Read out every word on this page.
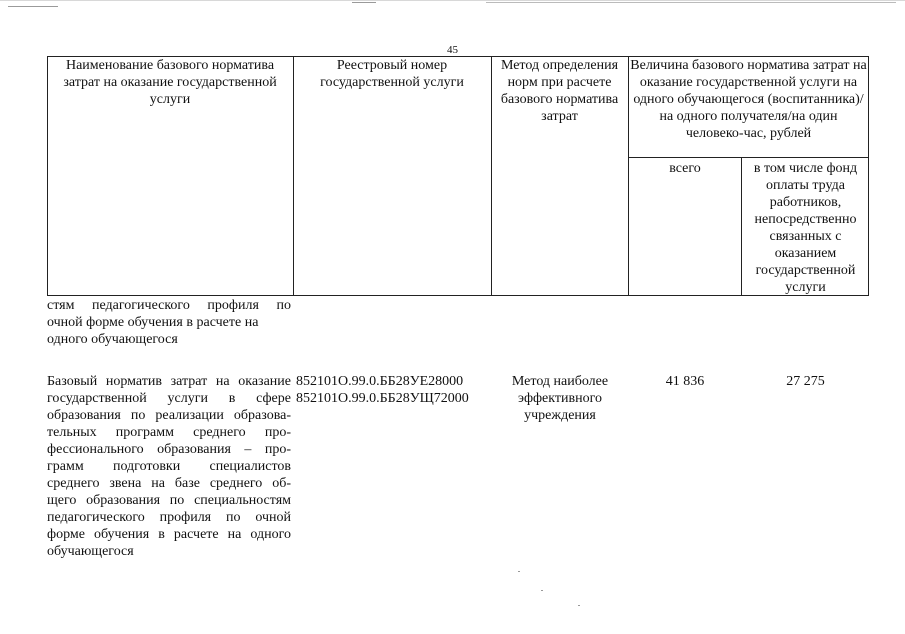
45
Наименование базового норматива затрат на оказание государственной услуги
Реестровый номер государственной услуги
Метод определения норм при расчете базового норматива затрат
Величина базового норматива затрат на оказание государственной услуги на одного обучающегося (воспитанника)/на одного получателя/на один человеко-час, рублей
всего	в том числе фонд оплаты труда работников, непосредственно связанных с оказанием государственной услуги
стям педагогического профиля по
очной форме обучения в расчете на
одного обучающегося
Базовый норматив затрат на оказание
государственной услуги в сфере
образования по реализации образова-
тельных программ среднего про-
фессионального образования – про-
грамм подготовки специалистов
среднего звена на базе среднего об-
щего образования по специальностям
педагогического профиля по очной
форме обучения в расчете на одного
обучающегося
852101О.99.0.ББ28УЕ28000
852101О.99.0.ББ28УЩ72000
Метод наиболее эффективного учреждения
41 836	27 275
